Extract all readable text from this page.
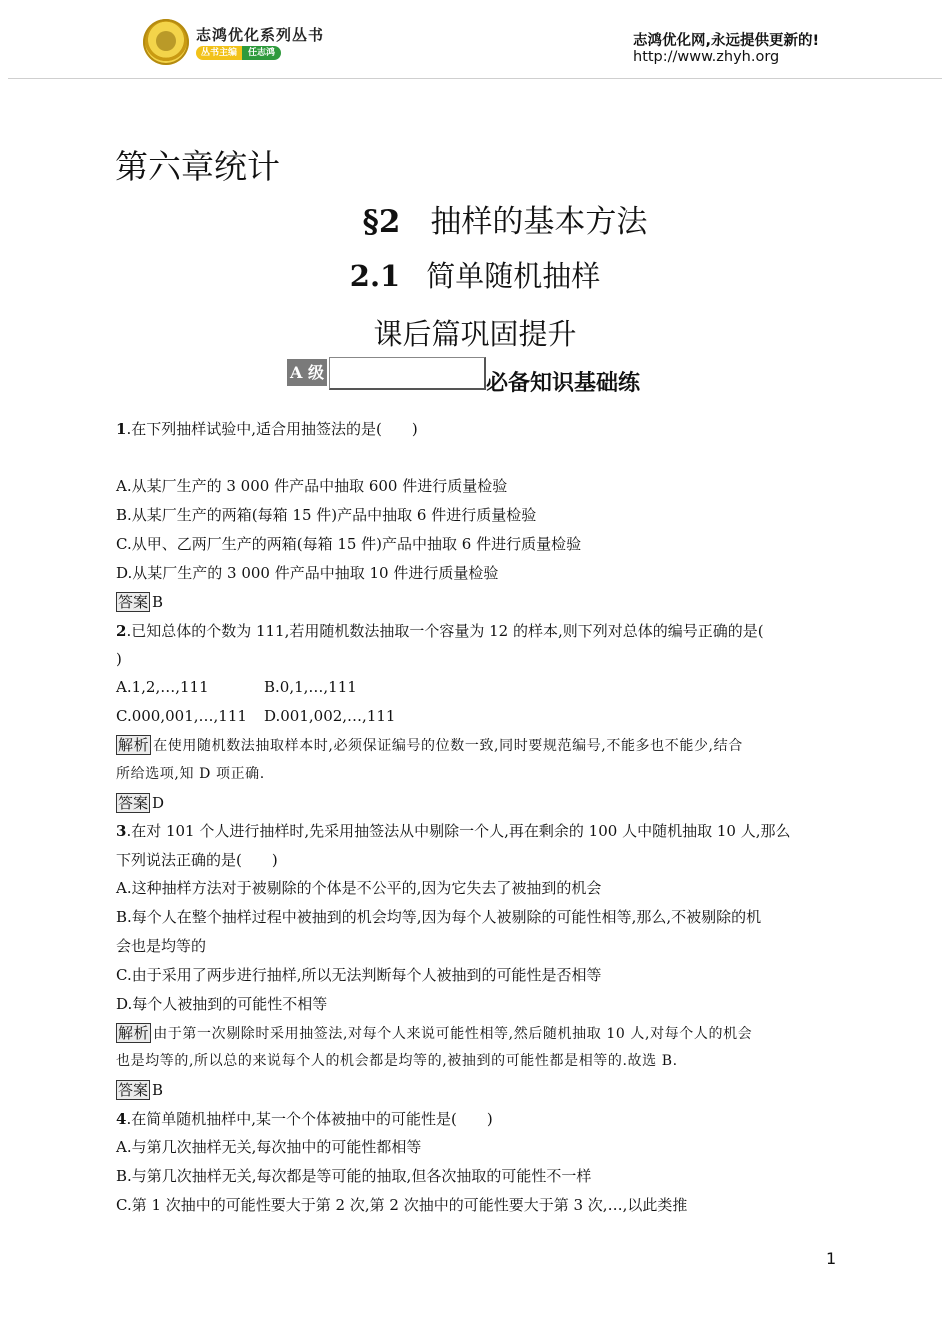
志鸿优化系列丛书
丛书主编	任志鸿
志鸿优化网,永远提供更新的!
http://www.zhyh.org
第六章统计
§2 抽样的基本方法
2.1 简单随机抽样
课后篇巩固提升
A 级	必备知识基础练
1.在下列抽样试验中,适合用抽签法的是(　　)
A.从某厂生产的 3 000 件产品中抽取 600 件进行质量检验
B.从某厂生产的两箱(每箱 15 件)产品中抽取 6 件进行质量检验
C.从甲、乙两厂生产的两箱(每箱 15 件)产品中抽取 6 件进行质量检验
D.从某厂生产的 3 000 件产品中抽取 10 件进行质量检验
答案 B
2.已知总体的个数为 111,若用随机数法抽取一个容量为 12 的样本,则下列对总体的编号正确的是(
)
A.1,2,…,111	B.0,1,…,111
C.000,001,…,111 D.001,002,…,111
解析 在使用随机数法抽取样本时,必须保证编号的位数一致,同时要规范编号,不能多也不能少,结合
所给选项,知 D 项正确.
答案 D
3.在对 101 个人进行抽样时,先采用抽签法从中剔除一个人,再在剩余的 100 人中随机抽取 10 人,那么
下列说法正确的是(　　)
A.这种抽样方法对于被剔除的个体是不公平的,因为它失去了被抽到的机会
B.每个人在整个抽样过程中被抽到的机会均等,因为每个人被剔除的可能性相等,那么,不被剔除的机
会也是均等的
C.由于采用了两步进行抽样,所以无法判断每个人被抽到的可能性是否相等
D.每个人被抽到的可能性不相等
解析 由于第一次剔除时采用抽签法,对每个人来说可能性相等,然后随机抽取 10 人,对每个人的机会
也是均等的,所以总的来说每个人的机会都是均等的,被抽到的可能性都是相等的.故选 B.
答案 B
4.在简单随机抽样中,某一个个体被抽中的可能性是(　　)
A.与第几次抽样无关,每次抽中的可能性都相等
B.与第几次抽样无关,每次都是等可能的抽取,但各次抽取的可能性不一样
C.第 1 次抽中的可能性要大于第 2 次,第 2 次抽中的可能性要大于第 3 次,…,以此类推
1
